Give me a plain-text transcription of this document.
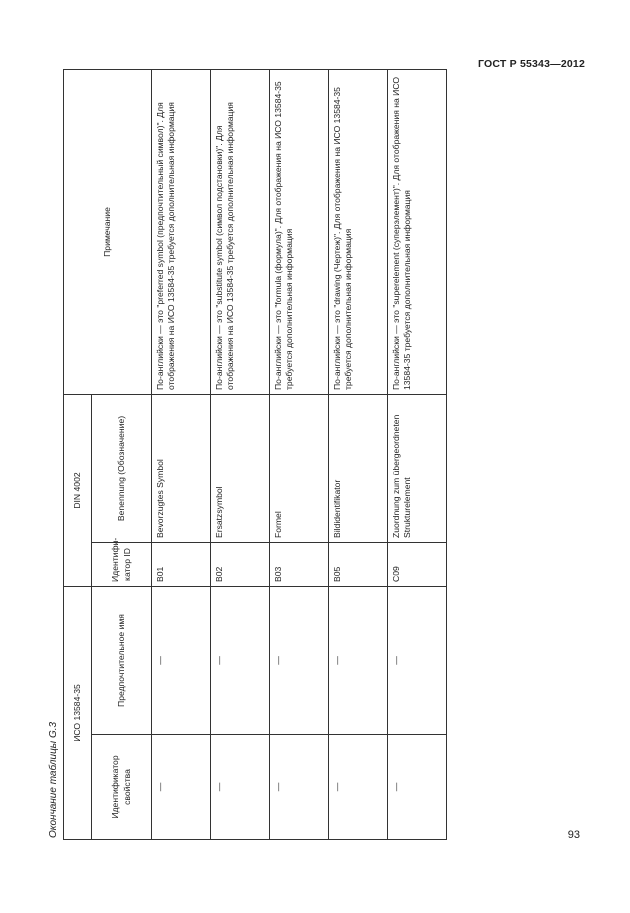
ГОСТ Р 55343—2012
Окончание таблицы G.3
ИСО 13584-35		DIN 4002		Примечание
Идентификатор свойства	Предпочтительное имя	Идентифи-катор ID	Benennung (Обозначение)	
—	—	B01	Bevorzugtes Symbol	По-английски — это "preferred symbol (предпочтительный символ)". Для отображения на ИСО 13584-35 требуется дополнительная информация
—	—	B02	Ersatzsymbol	По-английски — это "substitute symbol (символ подстановки)". Для отображения на ИСО 13584-35 требуется дополнительная информация
—	—	B03	Formel	По-английски — это "formula (формула)". Для отображения на ИСО 13584-35 требуется дополнительная информация
—	—	B05	Bildidentifikator	По-английски — это "drawing (Чертеж)". Для отображения на ИСО 13584-35 требуется дополнительная информация
—	—	C09	Zuordnung zum übergeordneten Strukturelement	По-английски — это "superelement (суперэлемент)". Для отображения на ИСО 13584-35 требуется дополнительная информация
93
